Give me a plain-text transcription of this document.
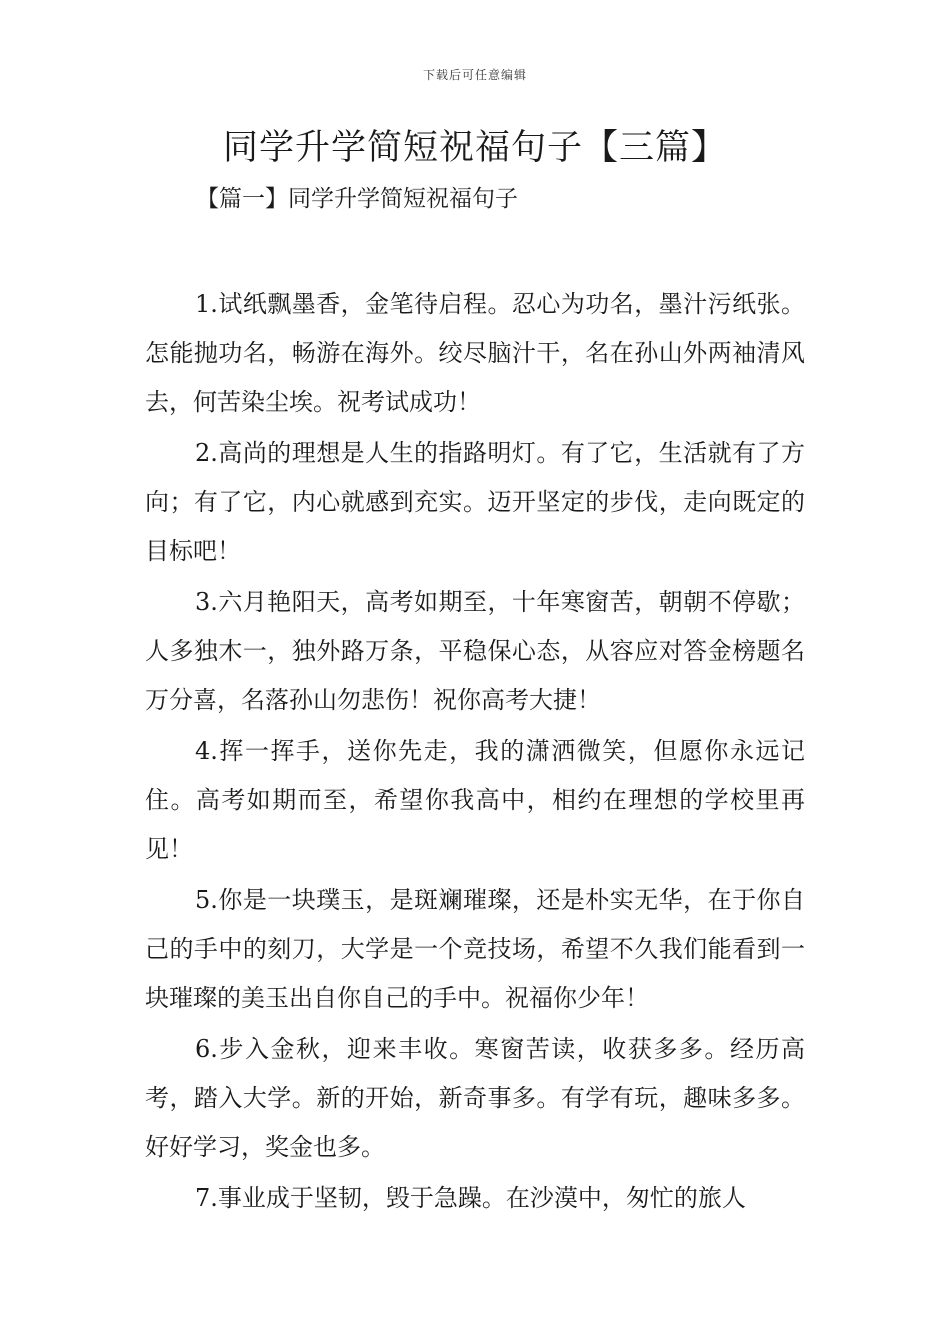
下载后可任意编辑
同学升学简短祝福句子【三篇】
【篇一】同学升学简短祝福句子

1.试纸飘墨香，金笔待启程。忍心为功名，墨汁污纸张。怎能抛功名，畅游在海外。绞尽脑汁干，名在孙山外两袖清风去，何苦染尘埃。祝考试成功！

2.高尚的理想是人生的指路明灯。有了它，生活就有了方向；有了它，内心就感到充实。迈开坚定的步伐，走向既定的目标吧！

3.六月艳阳天，高考如期至，十年寒窗苦，朝朝不停歇；人多独木一，独外路万条，平稳保心态，从容应对答金榜题名万分喜，名落孙山勿悲伤！祝你高考大捷！

4.挥一挥手，送你先走，我的潇洒微笑，但愿你永远记住。高考如期而至，希望你我高中，相约在理想的学校里再见！

5.你是一块璞玉，是斑斓璀璨，还是朴实无华，在于你自己的手中的刻刀，大学是一个竞技场，希望不久我们能看到一块璀璨的美玉出自你自己的手中。祝福你少年！

6.步入金秋，迎来丰收。寒窗苦读，收获多多。经历高考，踏入大学。新的开始，新奇事多。有学有玩，趣味多多。好好学习，奖金也多。

7.事业成于坚韧，毁于急躁。在沙漠中，匆忙的旅人
